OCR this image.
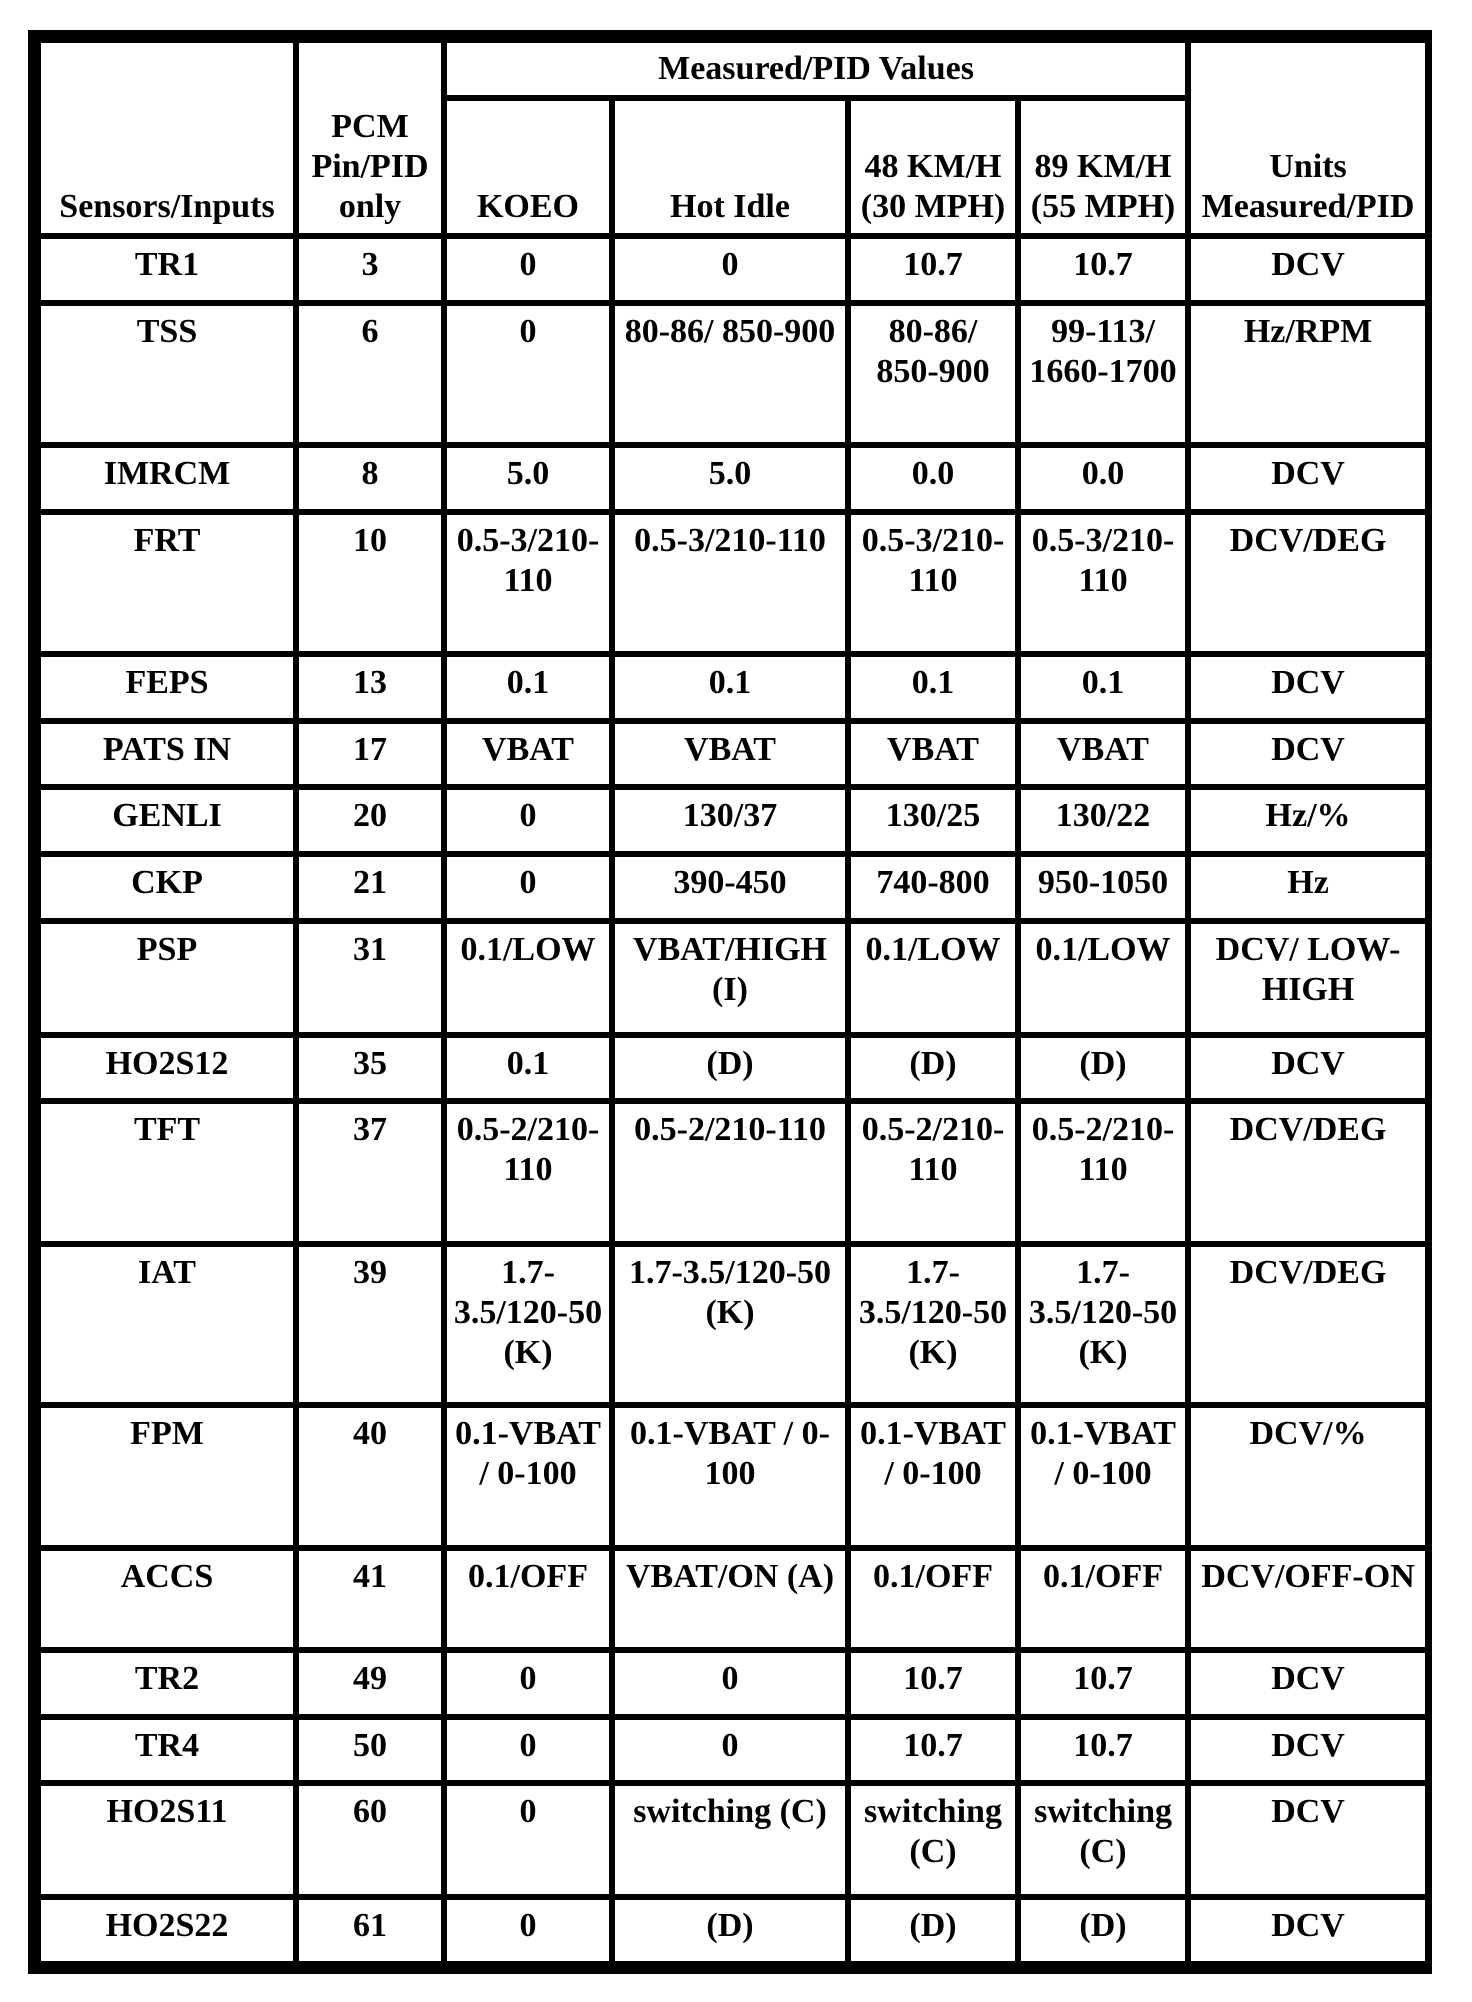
Sensors/Inputs	PCM Pin/PID only	Measured/PID Values				Units Measured/PID
		KOEO	Hot Idle	48 KM/H (30 MPH)	89 KM/H (55 MPH)	
TR1	3	0	0	10.7	10.7	DCV
TSS	6	0	80-86/ 850-900	80-86/ 850-900	99-113/ 1660-1700	Hz/RPM
IMRCM	8	5.0	5.0	0.0	0.0	DCV
FRT	10	0.5-3/210-110	0.5-3/210-110	0.5-3/210-110	0.5-3/210-110	DCV/DEG
FEPS	13	0.1	0.1	0.1	0.1	DCV
PATS IN	17	VBAT	VBAT	VBAT	VBAT	DCV
GENLI	20	0	130/37	130/25	130/22	Hz/%
CKP	21	0	390-450	740-800	950-1050	Hz
PSP	31	0.1/LOW	VBAT/HIGH (I)	0.1/LOW	0.1/LOW	DCV/ LOW-HIGH
HO2S12	35	0.1	(D)	(D)	(D)	DCV
TFT	37	0.5-2/210-110	0.5-2/210-110	0.5-2/210-110	0.5-2/210-110	DCV/DEG
IAT	39	1.7-3.5/120-50 (K)	1.7-3.5/120-50 (K)	1.7-3.5/120-50 (K)	1.7-3.5/120-50 (K)	DCV/DEG
FPM	40	0.1-VBAT / 0-100	0.1-VBAT / 0-100	0.1-VBAT / 0-100	0.1-VBAT / 0-100	DCV/%
ACCS	41	0.1/OFF	VBAT/ON (A)	0.1/OFF	0.1/OFF	DCV/OFF-ON
TR2	49	0	0	10.7	10.7	DCV
TR4	50	0	0	10.7	10.7	DCV
HO2S11	60	0	switching (C)	switching (C)	switching (C)	DCV
HO2S22	61	0	(D)	(D)	(D)	DCV
